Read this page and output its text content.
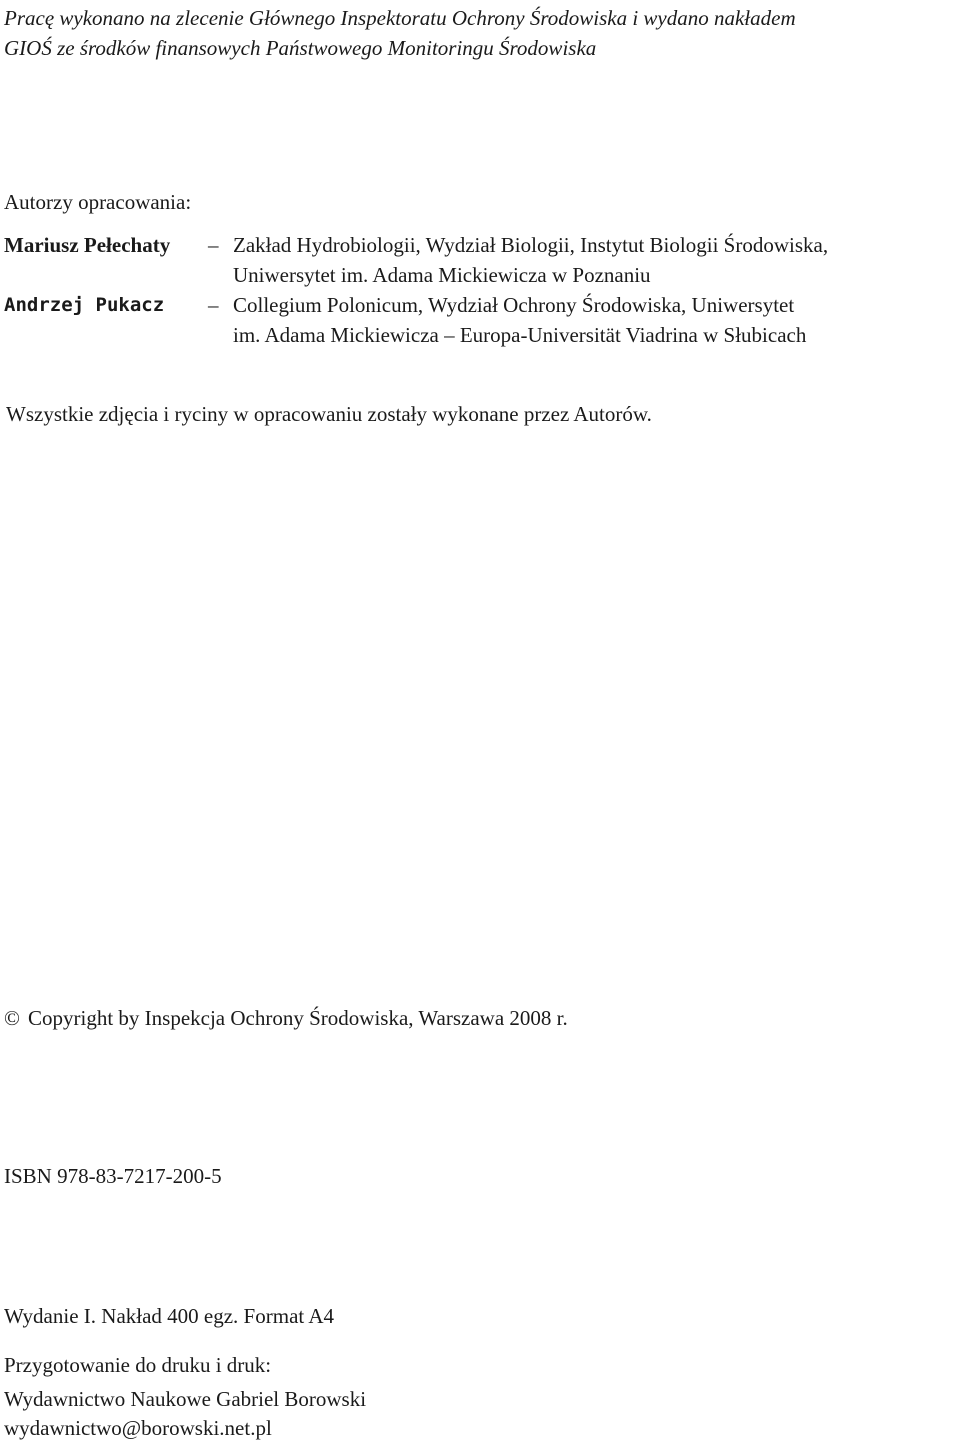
Pracę wykonano na zlecenie Głównego Inspektoratu Ochrony Środowiska i wydano nakładem
GIOŚ ze środków finansowych Państwowego Monitoringu Środowiska
Autorzy opracowania:
Mariusz Pełechaty – Zakład Hydrobiologii, Wydział Biologii, Instytut Biologii Środowiska,
Uniwersytet im. Adama Mickiewicza w Poznaniu
Andrzej Pukacz – Collegium Polonicum, Wydział Ochrony Środowiska, Uniwersytet
im. Adama Mickiewicza – Europa-Universität Viadrina w Słubicach
Wszystkie zdjęcia i ryciny w opracowaniu zostały wykonane przez Autorów.
© Copyright by Inspekcja Ochrony Środowiska, Warszawa 2008 r.
ISBN 978-83-7217-200-5
Wydanie I. Nakład 400 egz. Format A4
Przygotowanie do druku i druk:
Wydawnictwo Naukowe Gabriel Borowski
wydawnictwo@borowski.net.pl
